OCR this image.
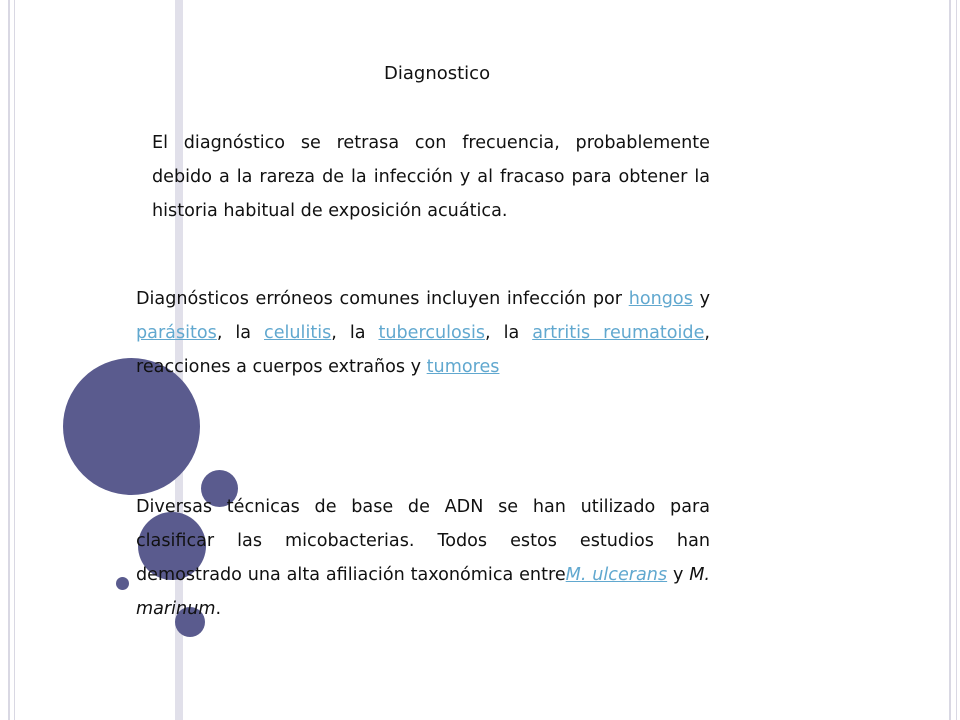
Diagnostico

El diagnóstico se retrasa con frecuencia, probablemente debido a la rareza de la infección y al fracaso para obtener la historia habitual de exposición acuática.

Diagnósticos erróneos comunes incluyen infección por hongos y parásitos, la celulitis, la tuberculosis, la artritis reumatoide, reacciones a cuerpos extraños y tumores

Diversas técnicas de base de ADN se han utilizado para clasificar las micobacterias. Todos estos estudios han demostrado una alta afiliación taxonómica entreM. ulcerans y M. marinum.
